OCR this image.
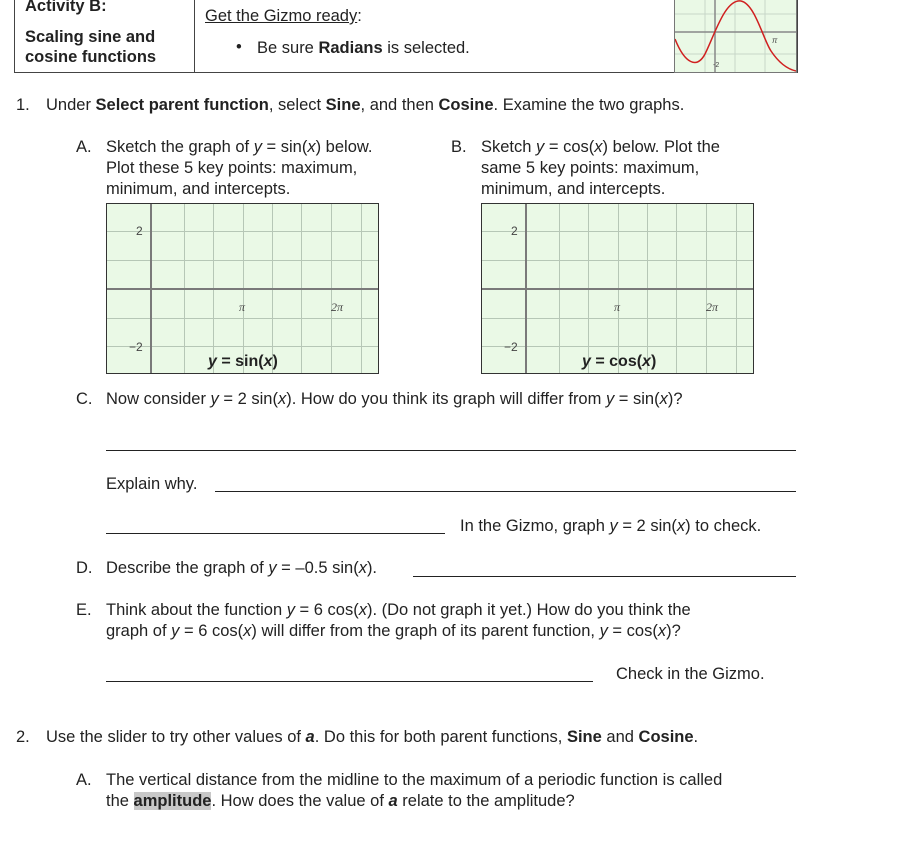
Activity B:
Scaling sine and
cosine functions
Get the Gizmo ready:
• Be sure Radians is selected.	π
-2
1. Under Select parent function, select Sine, and then Cosine. Examine the two graphs.
A. Sketch the graph of y = sin(x) below.
Plot these 5 key points: maximum,
minimum, and intercepts.
B. Sketch y = cos(x) below. Plot the
same 5 key points: maximum,
minimum, and intercepts.
2
−2
π	2π
y = sin(x)
2
−2
π	2π
y = cos(x)
C. Now consider y = 2 sin(x). How do you think its graph will differ from y = sin(x)?
Explain why.
In the Gizmo, graph y = 2 sin(x) to check.
D. Describe the graph of y = –0.5 sin(x).
E. Think about the function y = 6 cos(x). (Do not graph it yet.) How do you think the
graph of y = 6 cos(x) will differ from the graph of its parent function, y = cos(x)?
Check in the Gizmo.
2. Use the slider to try other values of a. Do this for both parent functions, Sine and Cosine.
A. The vertical distance from the midline to the maximum of a periodic function is called
the amplitude. How does the value of a relate to the amplitude?
